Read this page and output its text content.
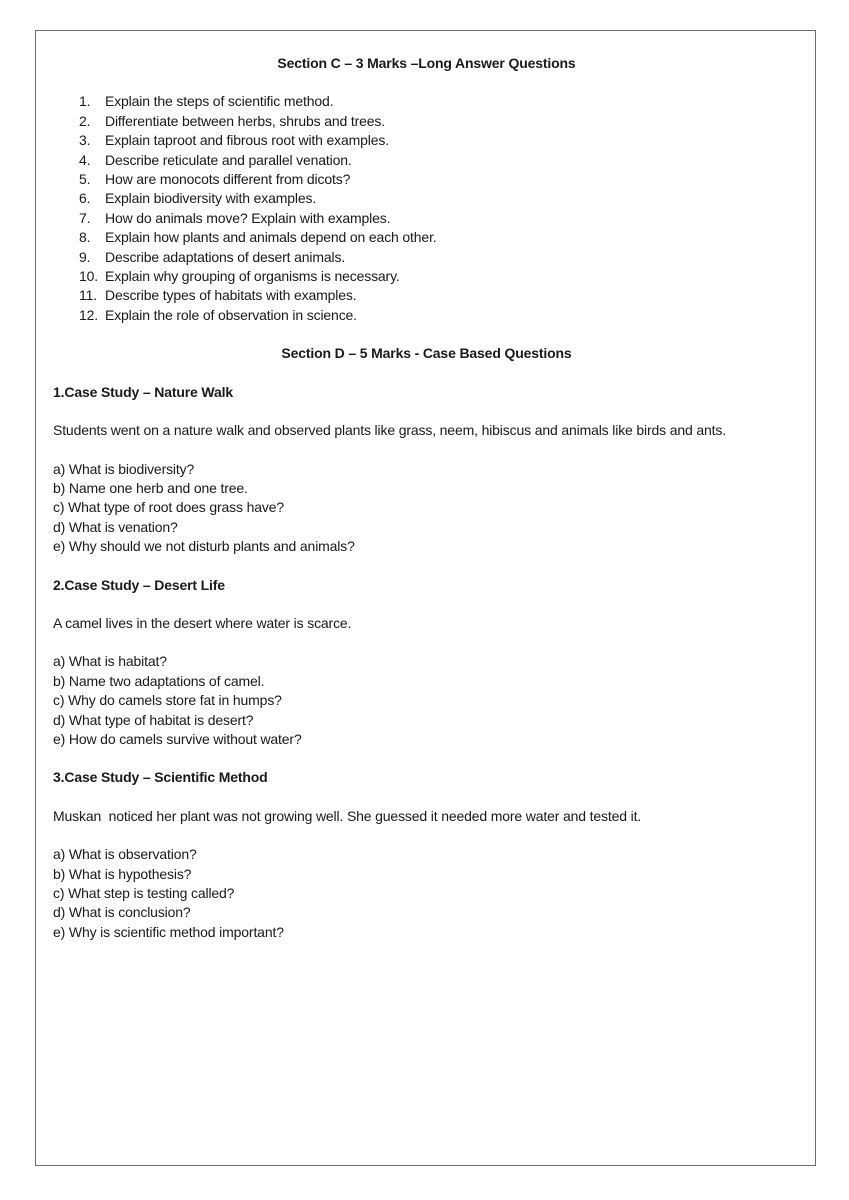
Section C – 3 Marks –Long Answer Questions
1.	Explain the steps of scientific method.
2.	Differentiate between herbs, shrubs and trees.
3.	Explain taproot and fibrous root with examples.
4.	Describe reticulate and parallel venation.
5.	How are monocots different from dicots?
6.	Explain biodiversity with examples.
7.	How do animals move? Explain with examples.
8.	Explain how plants and animals depend on each other.
9.	Describe adaptations of desert animals.
10. Explain why grouping of organisms is necessary.
11. Describe types of habitats with examples.
12. Explain the role of observation in science.
Section D – 5 Marks - Case Based Questions
1.Case Study – Nature Walk
Students went on a nature walk and observed plants like grass, neem, hibiscus and animals like birds and ants.
a) What is biodiversity?
b) Name one herb and one tree.
c) What type of root does grass have?
d) What is venation?
e) Why should we not disturb plants and animals?
2.Case Study – Desert Life
A camel lives in the desert where water is scarce.
a) What is habitat?
b) Name two adaptations of camel.
c) Why do camels store fat in humps?
d) What type of habitat is desert?
e) How do camels survive without water?
3.Case Study – Scientific Method
Muskan  noticed her plant was not growing well. She guessed it needed more water and tested it.
a) What is observation?
b) What is hypothesis?
c) What step is testing called?
d) What is conclusion?
e) Why is scientific method important?
